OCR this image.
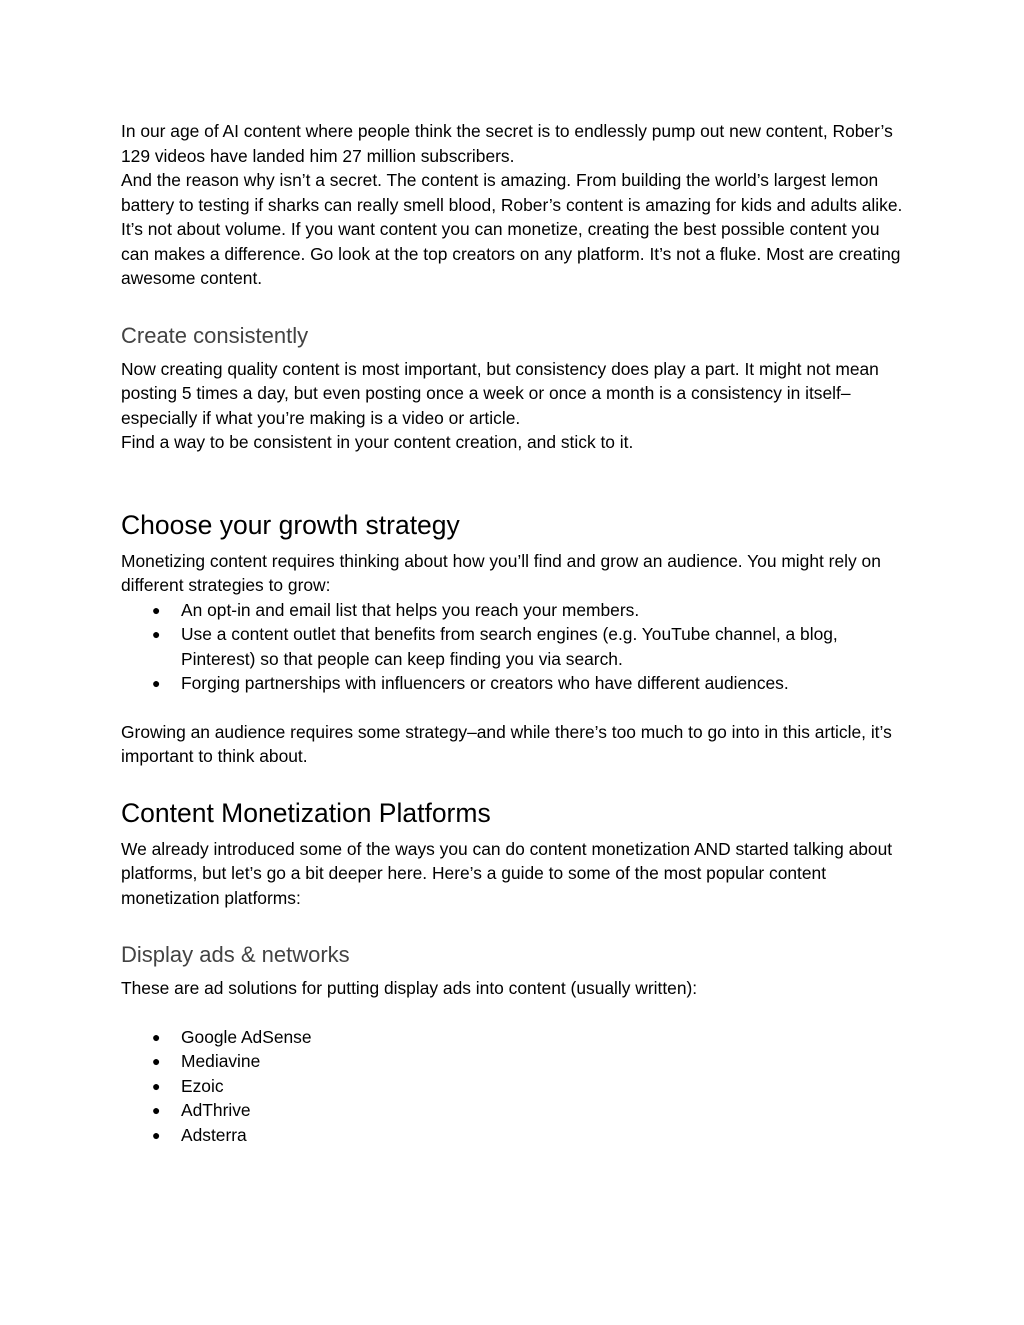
In our age of AI content where people think the secret is to endlessly pump out new content, Rober’s 129 videos have landed him 27 million subscribers.

And the reason why isn’t a secret. The content is amazing. From building the world’s largest lemon battery to testing if sharks can really smell blood, Rober’s content is amazing for kids and adults alike.

It’s not about volume. If you want content you can monetize, creating the best possible content you can makes a difference. Go look at the top creators on any platform. It’s not a fluke. Most are creating awesome content.

Create consistently

Now creating quality content is most important, but consistency does play a part. It might not mean posting 5 times a day, but even posting once a week or once a month is a consistency in itself–especially if what you’re making is a video or article.

Find a way to be consistent in your content creation, and stick to it.

Choose your growth strategy

Monetizing content requires thinking about how you’ll find and grow an audience. You might rely on different strategies to grow:

● An opt-in and email list that helps you reach your members.
● Use a content outlet that benefits from search engines (e.g. YouTube channel, a blog, Pinterest) so that people can keep finding you via search.
● Forging partnerships with influencers or creators who have different audiences.

Growing an audience requires some strategy–and while there’s too much to go into in this article, it’s important to think about.

Content Monetization Platforms

We already introduced some of the ways you can do content monetization AND started talking about platforms, but let’s go a bit deeper here. Here’s a guide to some of the most popular content monetization platforms:

Display ads & networks

These are ad solutions for putting display ads into content (usually written):

● Google AdSense
● Mediavine
● Ezoic
● AdThrive
● Adsterra
